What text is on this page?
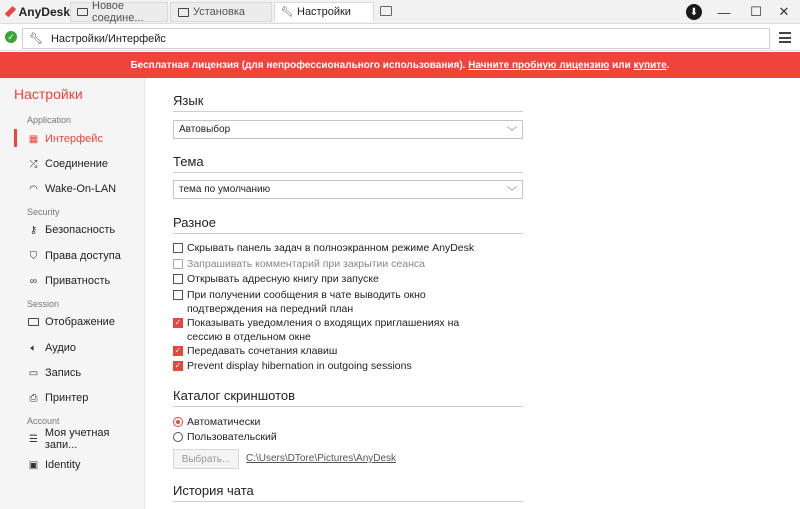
AnyDesk Новое соедине...	Установка	🔧︎ Настройки	⬇︎	—	☐	✕
✓ 🔧︎ Настройки/Интерфейс
Бесплатная лицензия (для непрофессионального использования).
Начните пробную лицензию
или
купите .
Настройки
Application
▦ Интерфейс
⤮ Соединение
◠ Wake-On-LAN
Security
⚷ Безопасность
⛉ Права доступа
∞ Приватность
Session
Отображение
🔈︎ Аудио
▭ Запись
⎙ Принтер
Account
☰ Моя учетная запи...
▣ Identity
Язык
Автовыбор	﹀
Тема
тема по умолчанию	﹀
Разное
Скрывать панель задач в полноэкранном режиме AnyDesk
Запрашивать комментарий при закрытии сеанса
Открывать адресную книгу при запуске
При получении сообщения в чате выводить окно подтверждения на передний план
✓ Показывать уведомления о входящих приглашениях на сессию в отдельном окне
✓ Передавать сочетания клавиш
✓ Prevent display hibernation in outgoing sessions
Каталог скриншотов
Автоматически
Пользовательский
Выбрать...	C:\Users\DTore\Pictures\AnyDesk
История чата
